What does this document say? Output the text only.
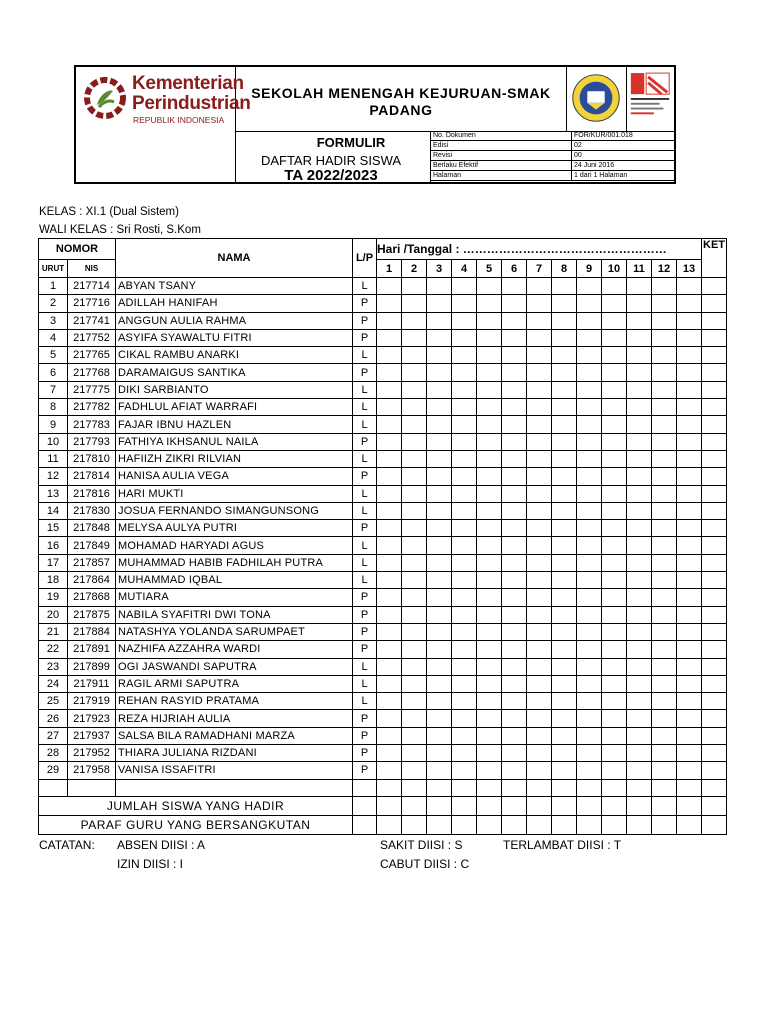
Kementerian
Perindustrian
REPUBLIK INDONESIA
SEKOLAH MENENGAH KEJURUAN-SMAK
PADANG
FORMULIR
DAFTAR HADIR SISWA
TA 2022/2023
No. Dokumen	FOR/KUR/001.018
Edisi	02
Revisi	00
Berlaku Efektif	24 Juni 2016
Halaman	1 dari 1 Halaman
KELAS : XI.1 (Dual Sistem)
WALI KELAS : Sri Rosti, S.Kom
NOMOR		NAMA	L/P	Hari /Tanggal : ……………………………………………													KET
URUT	NIS			1	2	3	4	5	6	7	8	9	10	11	12	13	
1	217714	ABYAN TSANY	L														
2	217716	ADILLAH HANIFAH	P														
3	217741	ANGGUN AULIA RAHMA	P														
4	217752	ASYIFA SYAWALTU FITRI	P														
5	217765	CIKAL RAMBU ANARKI	L														
6	217768	DARAMAIGUS SANTIKA	P														
7	217775	DIKI SARBIANTO	L														
8	217782	FADHLUL AFIAT WARRAFI	L														
9	217783	FAJAR IBNU HAZLEN	L														
10	217793	FATHIYA IKHSANUL NAILA	P														
11	217810	HAFIIZH ZIKRI RILVIAN	L														
12	217814	HANISA AULIA VEGA	P														
13	217816	HARI MUKTI	L														
14	217830	JOSUA FERNANDO SIMANGUNSONG	L														
15	217848	MELYSA AULYA PUTRI	P														
16	217849	MOHAMAD HARYADI AGUS	L														
17	217857	MUHAMMAD HABIB FADHILAH PUTRA	L														
18	217864	MUHAMMAD IQBAL	L														
19	217868	MUTIARA	P														
20	217875	NABILA SYAFITRI DWI TONA	P														
21	217884	NATASHYA YOLANDA SARUMPAET	P														
22	217891	NAZHIFA AZZAHRA WARDI	P														
23	217899	OGI JASWANDI SAPUTRA	L														
24	217911	RAGIL ARMI SAPUTRA	L														
25	217919	REHAN RASYID PRATAMA	L														
26	217923	REZA HIJRIAH AULIA	P														
27	217937	SALSA BILA RAMADHANI MARZA	P														
28	217952	THIARA JULIANA RIZDANI	P														
29	217958	VANISA ISSAFITRI	P														

JUMLAH SISWA YANG HADIR																	
PARAF GURU YANG BERSANGKUTAN																	
CATATAN: ABSEN DIISI : A
IZIN DIISI : I
SAKIT DIISI : S
CABUT DIISI : C
TERLAMBAT DIISI : T
